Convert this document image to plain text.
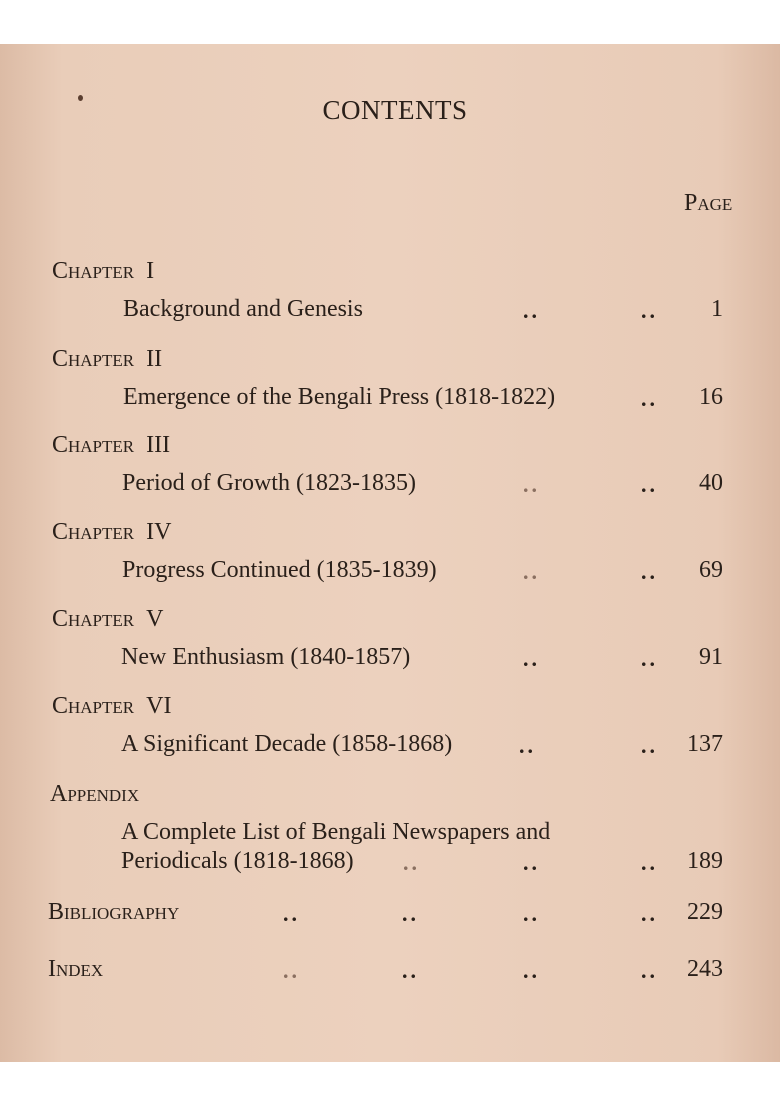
CONTENTS
Page
Chapter I
Background and Genesis	..	..	1
Chapter II
Emergence of the Bengali Press (1818-1822)	..	16
Chapter III
Period of Growth (1823-1835)	..	..	40
Chapter IV
Progress Continued (1835-1839)	..	..	69
Chapter V
New Enthusiasm (1840-1857)	..	..	91
Chapter VI
A Significant Decade (1858-1868)	..	..	137
Appendix
A Complete List of Bengali Newspapers and
Periodicals (1818-1868) ..	..	..	189
Bibliography	..	..	..	..	229
Index	..	..	..	..	243
